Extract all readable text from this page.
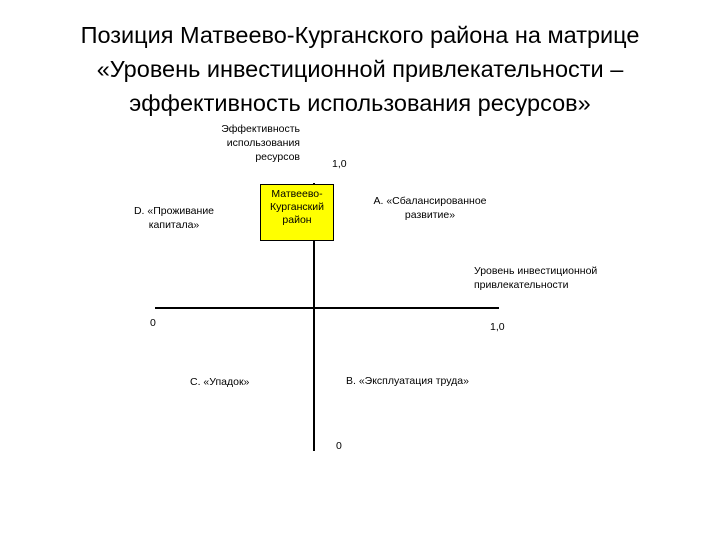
Позиция Матвеево-Курганского района на матрице
«Уровень инвестиционной привлекательности –
эффективность использования ресурсов»
Эффективность
использования
ресурсов
1,0
0
Уровень инвестиционной
привлекательности
1,0
0
А. «Сбалансированное
развитие»
D. «Проживание
капитала»
С. «Упадок»	В. «Эксплуатация труда»
Матвеево-
Курганский
район
